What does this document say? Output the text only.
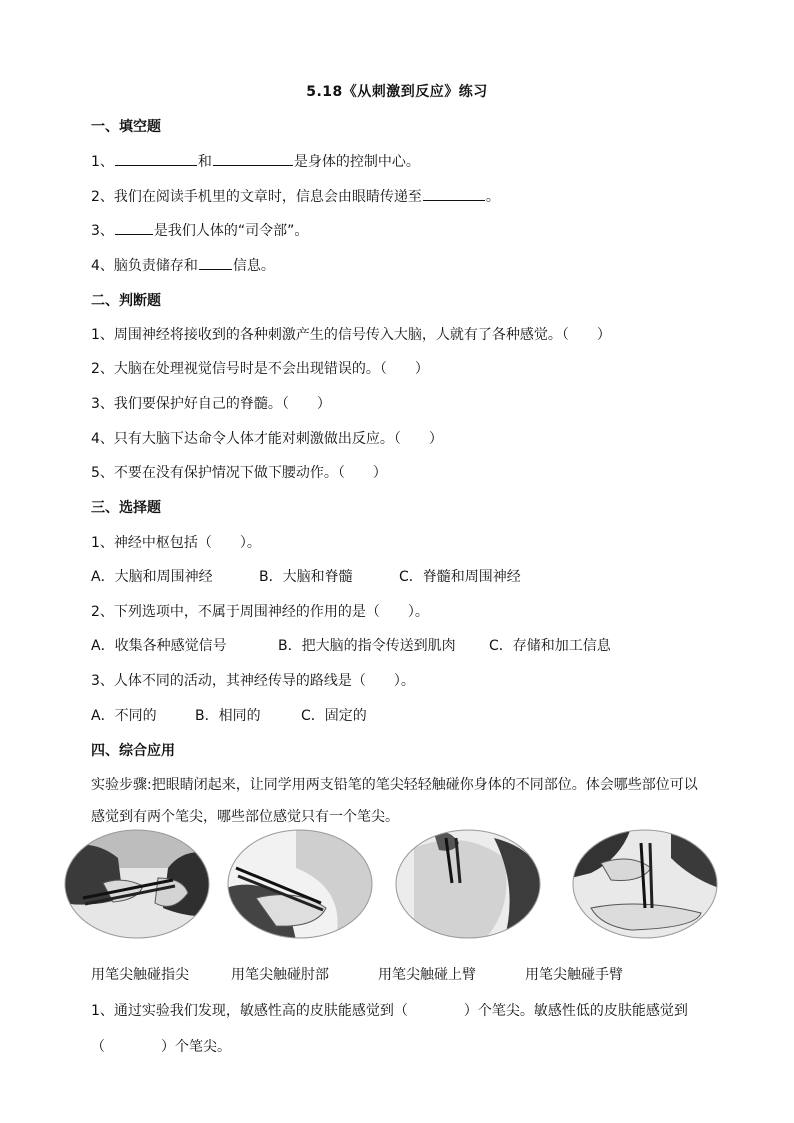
5.18《从刺激到反应》练习
一、填空题
1、	和	是身体的控制中心。
2、我们在阅读手机里的文章时，信息会由眼睛传递至	。
3、	是我们人体的“司令部”。
4、脑负责储存和	信息。
二、判断题
1、周围神经将接收到的各种刺激产生的信号传入大脑，人就有了各种感觉。（　　）
2、大脑在处理视觉信号时是不会出现错误的。（　　）
3、我们要保护好自己的脊髓。（　　）
4、只有大脑下达命令人体才能对刺激做出反应。（　　）
5、不要在没有保护情况下做下腰动作。（　　）
三、选择题
1、神经中枢包括（　　）。
A．大脑和周围神经	B．大脑和脊髓	C．脊髓和周围神经
2、下列选项中，不属于周围神经的作用的是（　　）。
A．收集各种感觉信号	B．把大脑的指令传送到肌肉 C．存储和加工信息
3、人体不同的活动，其神经传导的路线是（　　）。
A．不同的	B．相同的	C．固定的
四、综合应用
实验步骤:把眼睛闭起来，让同学用两支铅笔的笔尖轻轻触碰你身体的不同部位。体会哪些部位可以
感觉到有两个笔尖，哪些部位感觉只有一个笔尖。
用笔尖触碰指尖	用笔尖触碰肘部	用笔尖触碰上臂	用笔尖触碰手臂
1、通过实验我们发现，敏感性高的皮肤能感觉到（　　　　）个笔尖。敏感性低的皮肤能感觉到
（　　　　）个笔尖。
